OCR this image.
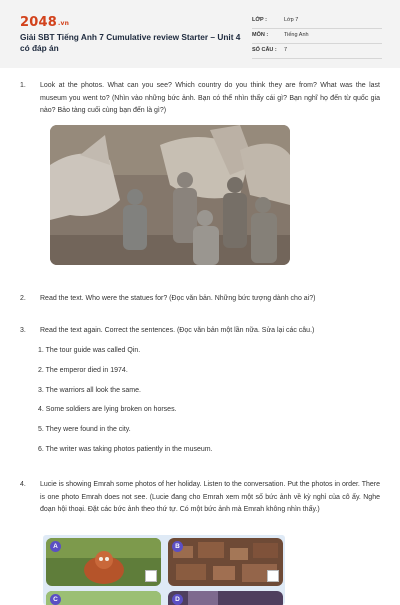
2048.vn
Giải SBT Tiếng Anh 7 Cumulative review Starter – Unit 4 có đáp án
LỚP :	Lớp 7
MÔN :	Tiếng Anh
SỐ CÂU : 7
1. Look at the photos. What can you see? Which country do you think they are from? What was the last museum you went to? (Nhìn vào những bức ảnh. Bạn có thể nhìn thấy cái gì? Bạn nghĩ họ đến từ quốc gia nào? Bảo tàng cuối cùng bạn đến là gì?)
2. Read the text. Who were the statues for? (Đọc văn bản. Những bức tượng dành cho ai?)
3. Read the text again. Correct the sentences. (Đọc văn bản một lần nữa. Sửa lại các câu.)
1. The tour guide was called Qin.
2. The emperor died in 1974.
3. The warriors all look the same.
4. Some soldiers are lying broken on horses.
5. They were found in the city.
6. The writer was taking photos patiently in the museum.
4. Lucie is showing Emrah some photos of her holiday. Listen to the conversation. Put the photos in order. There is one photo Emrah does not see. (Lucie đang cho Emrah xem một số bức ảnh về kỳ nghỉ của cô ấy. Nghe đoạn hội thoại. Đặt các bức ảnh theo thứ tự. Có một bức ảnh mà Emrah không nhìn thấy.)
A	B
C	D
